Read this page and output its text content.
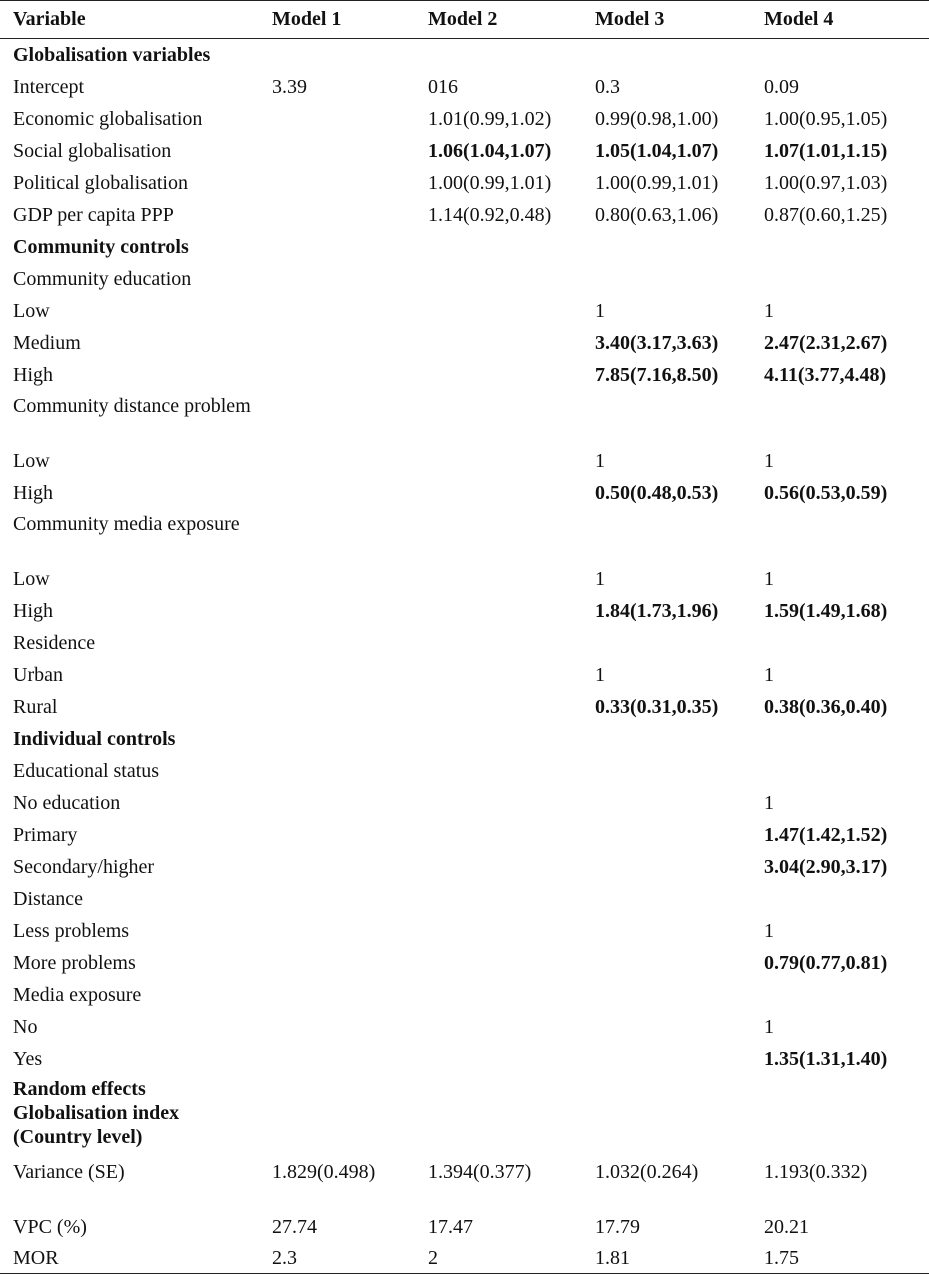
Variable	Model 1	Model 2	Model 3	Model 4
Globalisation variables				
Intercept	3.39	016	0.3	0.09
Economic globalisation		1.01(0.99,1.02)	0.99(0.98,1.00)	1.00(0.95,1.05)
Social globalisation		1.06(1.04,1.07)	1.05(1.04,1.07)	1.07(1.01,1.15)
Political globalisation		1.00(0.99,1.01)	1.00(0.99,1.01)	1.00(0.97,1.03)
GDP per capita PPP		1.14(0.92,0.48)	0.80(0.63,1.06)	0.87(0.60,1.25)
Community controls				
Community education				
Low			1	1
Medium			3.40(3.17,3.63)	2.47(2.31,2.67)
High			7.85(7.16,8.50)	4.11(3.77,4.48)
Community distance problem				
Low			1	1
High			0.50(0.48,0.53)	0.56(0.53,0.59)
Community media exposure				
Low			1	1
High			1.84(1.73,1.96)	1.59(1.49,1.68)
Residence				
Urban			1	1
Rural			0.33(0.31,0.35)	0.38(0.36,0.40)
Individual controls				
Educational status				
No education				1
Primary				1.47(1.42,1.52)
Secondary/higher				3.04(2.90,3.17)
Distance				
Less problems				1
More problems				0.79(0.77,0.81)
Media exposure				
No				1
Yes				1.35(1.31,1.40)
Random effects Globalisation index (Country level)				
Variance (SE)	1.829(0.498)	1.394(0.377)	1.032(0.264)	1.193(0.332)
VPC (%)	27.74	17.47	17.79	20.21
MOR	2.3	2	1.81	1.75
